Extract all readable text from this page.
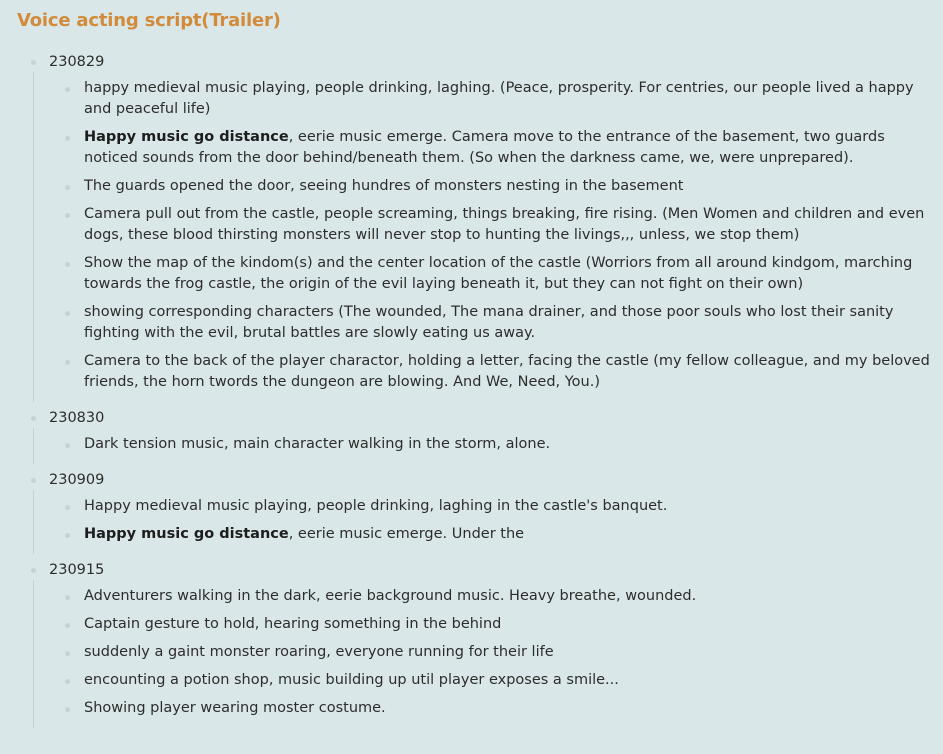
Voice acting script(Trailer)
230829
happy medieval music playing, people drinking, laghing. (Peace, prosperity. For centries, our people lived a happy and peaceful life)
Happy music go distance, eerie music emerge. Camera move to the entrance of the basement, two guards noticed sounds from the door behind/beneath them. (So when the darkness came, we, were unprepared).
The guards opened the door, seeing hundres of monsters nesting in the basement
Camera pull out from the castle, people screaming, things breaking, fire rising. (Men Women and children and even dogs, these blood thirsting monsters will never stop to hunting the livings,,, unless, we stop them)
Show the map of the kindom(s) and the center location of the castle (Worriors from all around kindgom, marching towards the frog castle, the origin of the evil laying beneath it, but they can not fight on their own)
showing corresponding characters (The wounded, The mana drainer, and those poor souls who lost their sanity fighting with the evil, brutal battles are slowly eating us away.
Camera to the back of the player charactor, holding a letter, facing the castle (my fellow colleague, and my beloved friends, the horn twords the dungeon are blowing. And We, Need, You.)
230830
Dark tension music, main character walking in the storm, alone.
230909
Happy medieval music playing, people drinking, laghing in the castle's banquet.
Happy music go distance, eerie music emerge. Under the
230915
Adventurers walking in the dark, eerie background music. Heavy breathe, wounded.
Captain gesture to hold, hearing something in the behind
suddenly a gaint monster roaring, everyone running for their life
encounting a potion shop, music building up util player exposes a smile...
Showing player wearing moster costume.
